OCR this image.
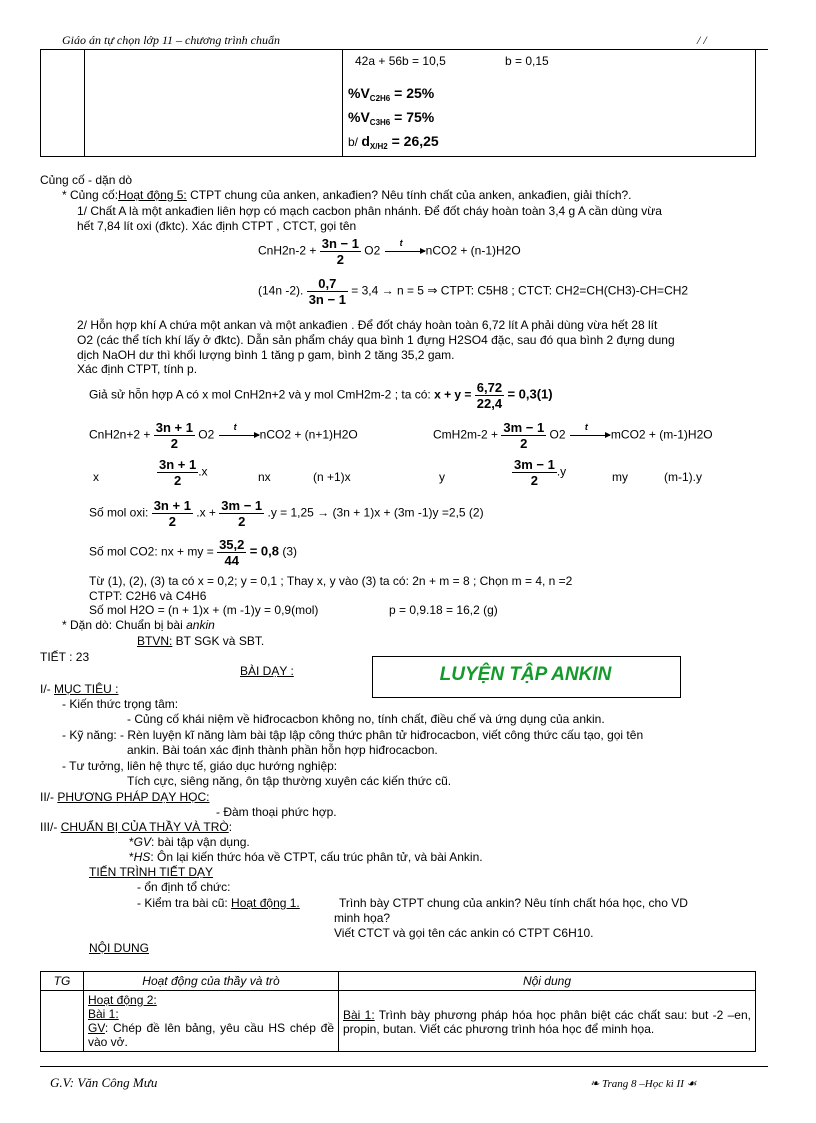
Giáo án tự chọn lớp 11 – chương trình chuẩn	/ /
42a + 56b = 10,5	b = 0,15
$\%V_{C2H6} = 25\%$
$\%V_{C3H6} = 75\%$
b/ $d_{X/H2} = 26,25$
Củng cố - dặn dò
* Củng cố:Hoạt động 5: CTPT chung của anken, ankađien? Nêu tính chất của anken, ankađien, giải thích?.
1/ Chất A là một ankađien liên hợp có mạch cacbon phân nhánh. Để đốt cháy hoàn toàn 3,4 g A cần dùng vừa
hết 7,84 lít oxi (đktc). Xác định CTPT , CTCT, gọi tên
$CnH2n-2 + \frac{3n - 1}{2} O2$
t
nCO2 + (n-1)H2O
(14n -2). $\frac{0,7}{3n - 1} = 3,4 \to n = 5$ ⇒ CTPT: C5H8 ; CTCT: CH2=CH(CH3)-CH=CH2
2/ Hỗn hợp khí A chứa một ankan và một ankađien . Để đốt cháy hoàn toàn 6,72 lít A phải dùng vừa hết 28 lít
O2 (các thể tích khí lấy ở đktc). Dẫn sản phẩm cháy qua bình 1 đựng H2SO4 đặc, sau đó qua bình 2 đựng dung
dịch NaOH dư thì khối lượng bình 1 tăng p gam, bình 2 tăng 35,2 gam.
Xác định CTPT, tính p.
Giả sử hỗn hợp A có x mol CnH2n+2 và y mol CmH2m-2 ; ta có: $x + y = \frac{6,72}{22,4} = 0,3(1)$
$CnH2n+2 + \frac{3n + 1}{2} O2$
t
nCO2 + (n+1)H2O	$CmH2m-2 + \frac{3m - 1}{2} O2$
t
mCO2 + (m-1)H2O
x	$\frac{3n + 1}{2} .x$	nx	(n +1)x	y	$\frac{3m - 1}{2} .y$	my	(m-1).y
Số mol oxi: $\frac{3n + 1}{2} .x + \frac{3m - 1}{2} .y = 1,25 \to (3n + 1)x + (3m$ -1)y =2,5 (2)
Số mol CO2: nx + my = $\frac{35,2}{44} = 0,8$ (3)
Từ (1), (2), (3) ta có x = 0,2; y = 0,1 ; Thay x, y vào (3) ta có: 2n + m = 8 ; Chọn m = 4, n =2
CTPT: C2H6 và C4H6
Số mol H2O = (n + 1)x + (m -1)y = 0,9(mol)	p = 0,9.18 = 16,2 (g)
* Dặn dò: Chuẩn bị bài ankin
BTVN: BT SGK và SBT.
TIẾT : 23
BÀI DẠY :	LUYỆN TẬP ANKIN
I/- MỤC TIÊU :
- Kiến thức trọng tâm:
- Củng cố khái niệm về hiđrocacbon không no, tính chất, điều chế và ứng dụng của ankin.
- Kỹ năng: - Rèn luyện kĩ năng làm bài tập lập công thức phân tử hiđrocacbon, viết công thức cấu tạo, gọi tên
ankin. Bài toán xác định thành phần hỗn hợp hiđrocacbon.
- Tư tưởng, liên hệ thực tế, giáo dục hướng nghiệp:
Tích cực, siêng năng, ôn tập thường xuyên các kiến thức cũ.
II/- PHƯƠNG PHÁP DẠY HỌC:
- Đàm thoại phức hợp.
III/- CHUẨN BỊ CỦA THẦY VÀ TRÒ:
*GV: bài tập vận dụng.
*HS: Ôn lại kiến thức hóa về CTPT, cấu trúc phân tử, và bài Ankin.
TIẾN TRÌNH TIẾT DẠY
- ổn định tổ chức:
- Kiểm tra bài cũ: Hoạt động 1.	Trình bày CTPT chung của ankin? Nêu tính chất hóa học, cho VD
minh họa?
Viết CTCT và gọi tên các ankin có CTPT C6H10.
NỘI DUNG
TG	Hoạt động của thầy và trò	Nội dung

	Hoạt động 2:
Bài 1:
GV: Chép đề lên bảng, yêu cầu HS chép đề vào vở.	Bài 1: Trình bày phương pháp hóa học phân biệt các chất sau: but -2 –en, propin, butan. Viết các phương trình hóa học để minh họa.
G.V: Văn Công Mưu	❧ Trang 8 –Học kì II ☙
